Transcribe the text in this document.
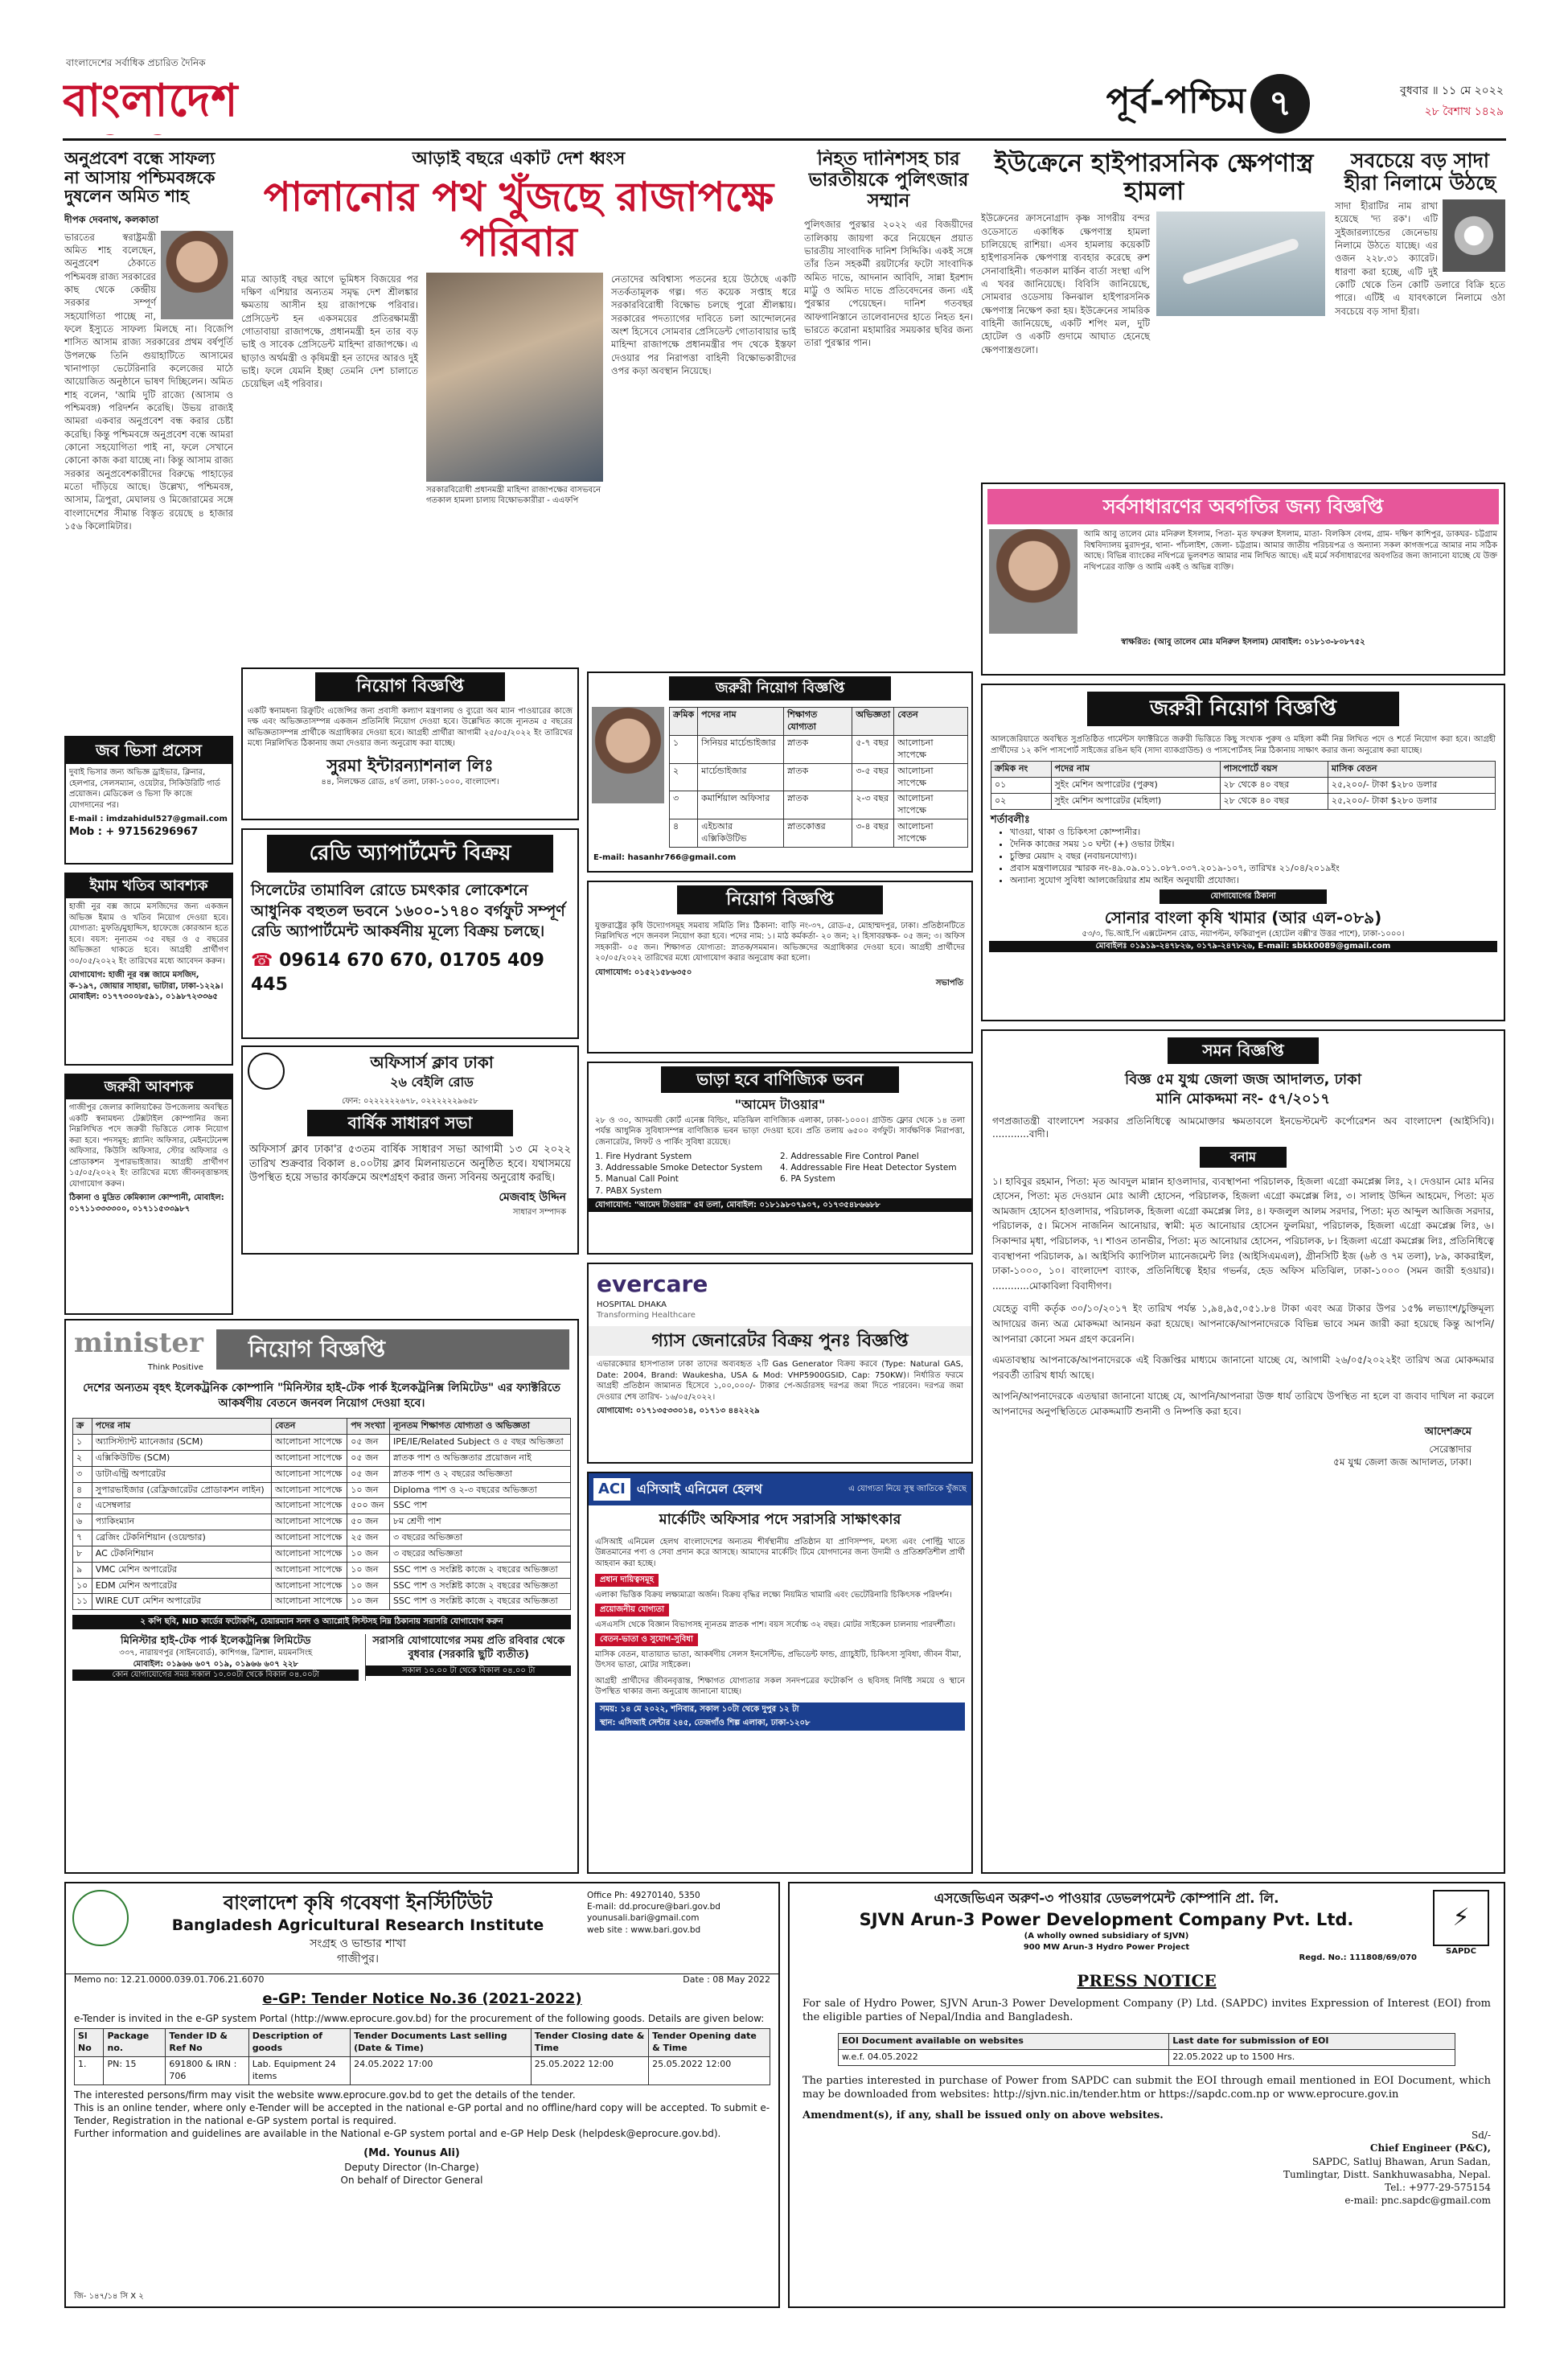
বাংলাদেশের সর্বাধিক প্রচারিত দৈনিক
বাংলাদেশ	পূর্ব-পশ্চিম ৭	বুধবার ॥ ১১ মে ২০২২
২৮ বৈশাখ ১৪২৯
অনুপ্রবেশ বন্ধে সাফল্য না আসায় পশ্চিমবঙ্গকে দুষলেন অমিত শাহ
দীপক দেবনাথ, কলকাতা
ভারতের স্বরাষ্ট্রমন্ত্রী অমিত শাহ বলেছেন, অনুপ্রবেশ ঠেকাতে পশ্চিমবঙ্গ রাজ্য সরকারের কাছ থেকে কেন্দ্রীয় সরকার সম্পূর্ণ সহযোগিতা পাচ্ছে না, ফলে ইস্যুতে সাফল্য মিলছে না। বিজেপি শাসিত আসাম রাজ্য সরকারের প্রথম বর্ষপূর্তি উপলক্ষে তিনি গুয়াহাটিতে আসামের খানাপাড়া ভেটেরিনারি কলেজের মাঠে আয়োজিত অনুষ্ঠানে ভাষণ দিচ্ছিলেন। অমিত শাহ বলেন, 'আমি দুটি রাজ্যে (আসাম ও পশ্চিমবঙ্গ) পরিদর্শন করেছি। উভয় রাজ্যই আমরা একবার অনুপ্রবেশ বন্ধ করার চেষ্টা করেছি। কিন্তু পশ্চিমবঙ্গে অনুপ্রবেশ বন্ধে আমরা কোনো সহযোগিতা পাই না, ফলে সেখানে কোনো কাজ করা যাচ্ছে না। কিন্তু আসাম রাজ্য সরকার অনুপ্রবেশকারীদের বিরুদ্ধে পাহাড়ের মতো দাঁড়িয়ে আছে। উল্লেখ্য, পশ্চিমবঙ্গ, আসাম, ত্রিপুরা, মেঘালয় ও মিজোরামের সঙ্গে বাংলাদেশের সীমান্ত বিস্তৃত রয়েছে ৪ হাজার ১৫৬ কিলোমিটার।
আড়াই বছরে একটি দেশ ধ্বংস
পালানোর পথ খুঁজছে রাজাপক্ষে পরিবার
মাত্র আড়াই বছর আগে ভূমিধস বিজয়ের পর দক্ষিণ এশিয়ার অন্যতম সমৃদ্ধ দেশ শ্রীলঙ্কার ক্ষমতায় আসীন হয় রাজাপক্ষে পরিবার। প্রেসিডেন্ট হন একসময়ের প্রতিরক্ষামন্ত্রী গোতাবায়া রাজাপক্ষে, প্রধানমন্ত্রী হন তার বড় ভাই ও সাবেক প্রেসিডেন্ট মাহিন্দা রাজাপক্ষে। এ ছাড়াও অর্থমন্ত্রী ও কৃষিমন্ত্রী হন তাদের আরও দুই ভাই। ফলে যেমনি ইচ্ছা তেমনি দেশ চালাতে চেয়েছিল এই পরিবার।
সরকারবিরোধী প্রধানমন্ত্রী মাহিন্দা রাজাপক্ষের বাসভবনে গতকাল হামলা চালায় বিক্ষোভকারীরা - এএফপি
নেতাদের অবিশ্বাস্য পতনের হয়ে উঠেছে একটি সতর্কতামূলক গল্প। গত কয়েক সপ্তাহ ধরে সরকারবিরোধী বিক্ষোভ চলছে পুরো শ্রীলঙ্কায়। সরকারের পদত্যাগের দাবিতে চলা আন্দোলনের অংশ হিসেবে সোমবার প্রেসিডেন্ট গোতাবায়ার ভাই মাহিন্দা রাজাপক্ষে প্রধানমন্ত্রীর পদ থেকে ইস্তফা দেওয়ার পর নিরাপত্তা বাহিনী বিক্ষোভকারীদের ওপর কড়া অবস্থান নিয়েছে।
নিহত দানিশসহ চার ভারতীয়কে পুলিৎজার সম্মান
পুলিৎজার পুরস্কার ২০২২ এর বিজয়ীদের তালিকায় জায়গা করে নিয়েছেন প্রয়াত ভারতীয় সাংবাদিক দানিশ সিদ্দিকি। একই সঙ্গে তাঁর তিন সহকর্মী রয়টার্সের ফটো সাংবাদিক অমিত দাভে, আদনান আবিদি, সান্না ইরশাদ মাট্টু ও অমিত দাভে প্রতিবেদনের জন্য এই পুরস্কার পেয়েছেন। দানিশ গতবছর আফগানিস্তানে তালেবানদের হাতে নিহত হন। ভারতে করোনা মহামারির সময়কার ছবির জন্য তারা পুরস্কার পান।
ইউক্রেনে হাইপারসনিক ক্ষেপণাস্ত্র হামলা
ইউক্রেনের ক্রাসনোগ্রাদ কৃষ্ণ সাগরীয় বন্দর ওডেসাতে একাধিক ক্ষেপণাস্ত্র হামলা চালিয়েছে রাশিয়া। এসব হামলায় কয়েকটি হাইপারসনিক ক্ষেপণাস্ত্র ব্যবহার করেছে রুশ সেনাবাহিনী। গতকাল মার্কিন বার্তা সংস্থা এপি এ খবর জানিয়েছে। বিবিসি জানিয়েছে, সোমবার ওডেসায় কিনঝাল হাইপারসনিক ক্ষেপণাস্ত্র নিক্ষেপ করা হয়। ইউক্রেনের সামরিক বাহিনী জানিয়েছে, একটি শপিং মল, দুটি হোটেল ও একটি গুদামে আঘাত হেনেছে ক্ষেপণাস্ত্রগুলো।
সবচেয়ে বড় সাদা হীরা নিলামে উঠছে
সাদা হীরাটির নাম রাখা হয়েছে 'দ্য রক'। এটি সুইজারল্যান্ডের জেনেভায় নিলামে উঠতে যাচ্ছে। এর ওজন ২২৮.৩১ ক্যারেট। ধারণা করা হচ্ছে, এটি দুই কোটি থেকে তিন কোটি ডলারে বিক্রি হতে পারে। এটিই এ যাবৎকালে নিলামে ওঠা সবচেয়ে বড় সাদা হীরা।
সর্বসাধারণের অবগতির জন্য বিজ্ঞপ্তি
আমি আবু তালেব মোঃ মনিরুল ইসলাম, পিতা- মৃত ফখরুল ইসলাম, মাতা- বিলকিস বেগম, গ্রাম- দক্ষিণ কাশিপুর, ডাকঘর- চট্টগ্রাম বিশ্ববিদ্যালয় মুরাদপুর, থানা- পাঁচলাইশ, জেলা- চট্টগ্রাম। আমার জাতীয় পরিচয়পত্র ও অন্যান্য সকল কাগজপত্রে আমার নাম সঠিক আছে। বিভিন্ন ব্যাংকের নথিপত্রে ভুলবশত আমার নাম লিখিত আছে। এই মর্মে সর্বসাধারণের অবগতির জন্য জানানো যাচ্ছে যে উক্ত নথিপত্রের ব্যক্তি ও আমি একই ও অভিন্ন ব্যক্তি।
স্বাক্ষরিত: (আবু তালেব মোঃ মনিরুল ইসলাম) মোবাইল: ০১৮১৩-৮০৮৭৫২
জব ভিসা প্রসেস
দুবাই ভিসার জন্য অভিজ্ঞ ড্রাইভার, ক্লিনার, হেলপার, সেলসম্যান, ওয়েটার, সিকিউরিটি গার্ড প্রয়োজন। মেডিকেল ও ভিসা ফি কাজে যোগদানের পর।
E-mail : imdzahidul527@gmail.com
Mob : + 97156296967
ইমাম খতিব আবশ্যক
হাজী নুর বক্স জামে মসজিদের জন্য একজন অভিজ্ঞ ইমাম ও খতিব নিয়োগ দেওয়া হবে। যোগ্যতা: মুফতি/মুহাদ্দিস, হাফেজে কোরআন হতে হবে। বয়স: নূন্যতম ৩৫ বছর ও ৫ বছরের অভিজ্ঞতা থাকতে হবে। আগ্রহী প্রার্থীগণ ৩০/০৫/২০২২ ইং তারিখের মধ্যে আবেদন করুন।
যোগাযোগ: হাজী নূর বক্স জামে মসজিদ, ক-১৯৭, জোয়ার সাহারা, ভাটারা, ঢাকা-১২২৯। মোবাইল: ০১৭৭৩০০৮৫৯১, ০১৯৮৭২৩৩৬৫
জরুরী আবশ্যক
গাজীপুর জেলার কালিয়াকৈর উপজেলায় অবস্থিত একটি স্বনামধন্য টেক্সটাইল কোম্পানির জন্য নিম্নলিখিত পদে জরুরী ভিত্তিতে লোক নিয়োগ করা হবে। পদসমূহ: প্ল্যানিং অফিসার, মেইনটেনেন্স অফিসার, কিউসি অফিসার, স্টোর অফিসার ও প্রোডাকশন সুপারভাইজার। আগ্রহী প্রার্থীগণ ১৫/০৫/২০২২ ইং তারিখের মধ্যে জীবনবৃত্তান্তসহ যোগাযোগ করুন।
ঠিকানা ও মুদ্রিত কেমিক্যাল কোম্পানী, মোবাইল: ০১৭১১৩৩৩৩০০, ০১৭১১৫৩৩৯৮৭
নিয়োগ বিজ্ঞপ্তি
একটি স্বনামধন্য রিক্রুটিং এজেন্সির জন্য প্রবাসী কল্যাণ মন্ত্রণালয় ও ব্যুরো অব ম্যান পাওয়ারের কাজে দক্ষ এবং অভিজ্ঞতাসম্পন্ন একজন প্রতিনিধি নিয়োগ দেওয়া হবে। উল্লেখিত কাজে ন্যূনতম ৫ বছরের অভিজ্ঞতাসম্পন্ন প্রার্থীকে অগ্রাধিকার দেওয়া হবে। আগ্রহী প্রার্থীরা আগামী ২৫/০৫/২০২২ ইং তারিখের মধ্যে নিম্নলিখিত ঠিকানায় জমা দেওয়ার জন্য অনুরোধ করা যাচ্ছে।
সুরমা ইন্টারন্যাশনাল লিঃ
৪৪, নিলক্ষেত রোড, ৪র্থ তলা, ঢাকা-১০০০, বাংলাদেশ।
রেডি অ্যাপার্টমেন্ট বিক্রয়
সিলেটের তামাবিল রোডে চমৎকার লোকেশনে আধুনিক বহুতল ভবনে ১৬০০-১৭৪০ বর্গফুট সম্পূর্ণ রেডি অ্যাপার্টমেন্ট আকর্ষনীয় মূল্যে বিক্রয় চলছে।
☎ 09614 670 670, 01705 409 445
অফিসার্স ক্লাব ঢাকা
২৬ বেইলি রোড
ফোন: ০২২২২২২৬৭৮, ০২২২২২২৯৬৫৮
বার্ষিক সাধারণ সভা
অফিসার্স ক্লাব ঢাকা'র ৫৩তম বার্ষিক সাধারণ সভা আগামী ১৩ মে ২০২২ তারিখ শুক্রবার বিকাল ৪.০০টায় ক্লাব মিলনায়তনে অনুষ্ঠিত হবে। যথাসময়ে উপস্থিত হয়ে সভার কার্যক্রমে অংশগ্রহণ করার জন্য সবিনয় অনুরোধ করছি।
মেজবাহ উদ্দিন
সাধারণ সম্পাদক
জরুরী নিয়োগ বিজ্ঞপ্তি
ক্রমিক	পদের নাম	শিক্ষাগত যোগ্যতা	অভিজ্ঞতা	বেতন
১	সিনিয়র মার্চেন্ডাইজার	স্নাতক	৫-৭ বছর	আলোচনা সাপেক্ষে
২	মার্চেন্ডাইজার	স্নাতক	৩-৫ বছর	আলোচনা সাপেক্ষে
৩	কমার্শিয়াল অফিসার	স্নাতক	২-৩ বছর	আলোচনা সাপেক্ষে
৪	এইচআর এক্সিকিউটিভ	স্নাতকোত্তর	৩-৪ বছর	আলোচনা সাপেক্ষে
E-mail: hasanhr766@gmail.com
নিয়োগ বিজ্ঞপ্তি
যুক্তরাষ্ট্রের কৃষি উদ্যোগসমূহ সমবায় সমিতি লিঃ ঠিকানা: বাড়ি নং-৩৭, রোড-৫, মোহাম্মদপুর, ঢাকা। প্রতিষ্ঠানটিতে নিম্নলিখিত পদে জনবল নিয়োগ করা হবে। পদের নাম: ১। মাঠ কর্মকর্তা- ২০ জন; ২। হিসাবরক্ষক- ০৫ জন; ৩। অফিস সহকারী- ০৫ জন। শিক্ষাগত যোগ্যতা: স্নাতক/সমমান। অভিজ্ঞদের অগ্রাধিকার দেওয়া হবে। আগ্রহী প্রার্থীদের ২০/০৫/২০২২ তারিখের মধ্যে যোগাযোগ করার অনুরোধ করা হলো।
যোগাযোগ: ০১৫২১৫৮৬৩৫০
সভাপতি
ভাড়া হবে বাণিজ্যিক ভবন
"আমেদ টাওয়ার"
২৮ ও ৩০, আদমজী কোর্ট এনেক্স বিল্ডিং, মতিঝিল বাণিজ্যিক এলাকা, ঢাকা-১০০০। গ্রাউন্ড ফ্লোর থেকে ১৪ তলা পর্যন্ত আধুনিক সুবিধাসম্পন্ন বাণিজ্যিক ভবন ভাড়া দেওয়া হবে। প্রতি তলায় ৬৫০০ বর্গফুট। সার্বক্ষণিক নিরাপত্তা, জেনারেটর, লিফট ও পার্কিং সুবিধা রয়েছে।
1. Fire Hydrant System	2. Addressable Fire Control Panel
3. Addressable Smoke Detector System	4. Addressable Fire Heat Detector System
5. Manual Call Point	6. PA System
7. PABX System
যোগাযোগ: "আমেদ টাওয়ার" ৫ম তলা, মোবাইল: ০১৮১৯৮০৭৯০৭, ০১৭৩৫৪৮৬৬৮৮
evercare
HOSPITAL DHAKA
Transforming Healthcare
গ্যাস জেনারেটর বিক্রয় পুনঃ বিজ্ঞপ্তি
এভারকেয়ার হাসপাতাল ঢাকা তাদের অব্যবহৃত ২টি Gas Generator বিক্রয় করবে (Type: Natural GAS, Date: 2004, Brand: Waukesha, USA & Mod: VHP5900GSID, Cap: 750KW)। নির্ধারিত ফরমে আগ্রহী প্রতিষ্ঠান জামানত হিসেবে ১,০০,০০০/- টাকার পে-অর্ডারসহ দরপত্র জমা দিতে পারবেন। দরপত্র জমা দেওয়ার শেষ তারিখ- ১৬/০৫/২০২২।
যোগাযোগ: ০১৭১৩৫৩৩০১৪, ০১৭১৩ ৪৪২২২৯
জরুরী নিয়োগ বিজ্ঞপ্তি
আলজেরিয়াতে অবস্থিত সুপ্রতিষ্ঠিত গার্মেন্টস ফ্যাক্টরিতে জরুরী ভিত্তিতে কিছু সংখ্যক পুরুষ ও মহিলা কর্মী নিম্ন লিখিত পদে ও শর্তে নিয়োগ করা হবে। আগ্রহী প্রার্থীদের ১২ কপি পাসপোর্ট সাইজের রঙিন ছবি (সাদা ব্যাকগ্রাউন্ড) ও পাসপোর্টসহ নিম্ন ঠিকানায় সাক্ষাৎ করার জন্য অনুরোধ করা যাচ্ছে।
ক্রমিক নং	পদের নাম	পাসপোর্টে বয়স	মাসিক বেতন
০১	সুইং মেশিন অপারেটর (পুরুষ)	২৮ থেকে ৪০ বছর	২৫,২০০/- টাকা $২৮০ ডলার
০২	সুইং মেশিন অপারেটর (মহিলা)	২৮ থেকে ৪০ বছর	২৫,২০০/- টাকা $২৮০ ডলার
শর্তাবলীঃ
• খাওয়া, থাকা ও চিকিৎসা কোম্পানীর।
• দৈনিক কাজের সময় ১০ ঘন্টা (+) ওভার টাইম।
• চুক্তির মেয়াদ ২ বছর (নবায়নযোগ্য)।
• প্রবাস মন্ত্রণালয়ের স্মারক নং-৪৯.০৯.০১১.০৮৭.০৩৭.২০১৯-১০৭, তারিখঃ ২১/০৪/২০১৯ইং
• অন্যান্য সুযোগ সুবিধা আলজেরিয়ার শ্রম আইন অনুযায়ী প্রযোজ্য।
যোগাযোগের ঠিকানা
সোনার বাংলা কৃষি খামার (আর এল-০৮৯)
৫৩/৩, ভি.আই.পি এক্সটেনশন রোড, নয়াপল্টন, ফকিরাপুল (হোটেল বক্সী'র উত্তর পাশে), ঢাকা-১০০০।
মোবাইলঃ ০১৯১৯-২৪৭৮২৬, ০১৭৯-২৪৭৮২৬, E-mail: sbkk0089@gmail.com
সমন বিজ্ঞপ্তি
বিজ্ঞ ৫ম যুগ্ম জেলা জজ আদালত, ঢাকা
মানি মোকদ্দমা নং- ৫৭/২০১৭
গণপ্রজাতন্ত্রী বাংলাদেশ সরকার প্রতিনিধিত্বে আমমোক্তার ক্ষমতাবলে ইনভেস্টমেন্ট কর্পোরেশন অব বাংলাদেশ (আইসিবি)। ............বাদী।
বনাম
১। হাবিবুর রহমান, পিতা: মৃত আবদুল মান্নান হাওলাদার, ব্যবস্থাপনা পরিচালক, হিজলা এগ্রো কমপ্লেক্স লিঃ, ২। দেওয়ান মোঃ মনির হোসেন, পিতা: মৃত দেওয়ান মোঃ আলী হোসেন, পরিচালক, হিজলা এগ্রো কমপ্লেক্স লিঃ, ৩। সালাহ উদ্দিন আহমেদ, পিতা: মৃত আমজাদ হোসেন হাওলাদার, পরিচালক, হিজলা এগ্রো কমপ্লেক্স লিঃ, ৪। ফজলুল আলম সরদার, পিতা: মৃত আব্দুল আজিজ সরদার, পরিচালক, ৫। মিসেস নাজনিন আনোয়ার, স্বামী: মৃত আনোয়ার হোসেন ফুলমিয়া, পরিচালক, হিজলা এগ্রো কমপ্লেক্স লিঃ, ৬। সিকান্দার মৃধা, পরিচালক, ৭। শাওন তানভীর, পিতা: মৃত আনোয়ার হোসেন, পরিচালক, ৮। হিজলা এগ্রো কমপ্লেক্স লিঃ, প্রতিনিধিত্বে ব্যবস্থাপনা পরিচালক, ৯। আইসিবি ক্যাপিটাল ম্যানেজমেন্ট লিঃ (আইসিএমএল), গ্রীনসিটি ইজ (৬ষ্ঠ ও ৭ম তলা), ৮৯, কাকরাইল, ঢাকা-১০০০, ১০। বাংলাদেশ ব্যাংক, প্রতিনিধিত্বে ইহার গভর্নর, হেড অফিস মতিঝিল, ঢাকা-১০০০ (সমন জারী হওয়ার)। ............মোকাবিলা বিবাদীগণ।
যেহেতু বাদী কর্তৃক ৩০/১০/২০১৭ ইং তারিখ পর্যন্ত ১,৯৪,৯৫,০৫১.৮৪ টাকা এবং অত্র টাকার উপর ১৫% লভ্যাংশ/চুক্তিমূল্য আদায়ের জন্য অত্র মোকদ্দমা আনয়ন করা হয়েছে। আপনাকে/আপনাদেরকে বিভিন্ন ভাবে সমন জারী করা হয়েছে কিন্তু আপনি/আপনারা কোনো সমন গ্রহণ করেননি।
এমতাবস্থায় আপনাকে/আপনাদেরকে এই বিজ্ঞপ্তির মাধ্যমে জানানো যাচ্ছে যে, আগামী ২৬/০৫/২০২২ইং তারিখ অত্র মোকদ্দমার পরবর্তী তারিখ ধার্য্য আছে।
আপনি/আপনাদেরকে এতদ্বারা জানানো যাচ্ছে যে, আপনি/আপনারা উক্ত ধার্য তারিখে উপস্থিত না হলে বা জবাব দাখিল না করলে আপনাদের অনুপস্থিতিতে মোকদ্দমাটি শুনানী ও নিষ্পত্তি করা হবে।
আদেশক্রমে
সেরেস্তাদার
৫ম যুগ্ম জেলা জজ আদালত, ঢাকা।
minister
Think Positive
নিয়োগ বিজ্ঞপ্তি
দেশের অন্যতম বৃহৎ ইলেকট্রনিক কোম্পানি "মিনিস্টার হাই-টেক পার্ক ইলেকট্রনিক্স লিমিটেড" এর ফ্যাক্টরিতে আকর্ষণীয় বেতনে জনবল নিয়োগ দেওয়া হবে।
ক্র	পদের নাম	বেতন	পদ সংখ্যা	ন্যূনতম শিক্ষাগত যোগ্যতা ও অভিজ্ঞতা
১	অ্যাসিস্ট্যান্ট ম্যানেজার (SCM)	আলোচনা সাপেক্ষে	০৫ জন	IPE/IE/Related Subject ও ৫ বছর অভিজ্ঞতা
২	এক্সিকিউটিভ (SCM)	আলোচনা সাপেক্ষে	০৫ জন	স্নাতক পাশ ও অভিজ্ঞতার প্রয়োজন নাই
৩	ডাটাএন্ট্রি অপারেটর	আলোচনা সাপেক্ষে	০৫ জন	স্নাতক পাশ ও ২ বছরের অভিজ্ঞতা
৪	সুপারভাইজার (রেফ্রিজারেটর প্রোডাকশন লাইন)	আলোচনা সাপেক্ষে	১০ জন	Diploma পাশ ও ২-৩ বছরের অভিজ্ঞতা
৫	এসেম্বলার	আলোচনা সাপেক্ষে	৫০০ জন	SSC পাশ
৬	প্যাকিংম্যান	আলোচনা সাপেক্ষে	৫০ জন	৮ম শ্রেণী পাশ
৭	ব্রেজিং টেকনিশিয়ান (ওয়েল্ডার)	আলোচনা সাপেক্ষে	২৫ জন	৩ বছরের অভিজ্ঞতা
৮	AC টেকনিশিয়ান	আলোচনা সাপেক্ষে	১০ জন	৩ বছরের অভিজ্ঞতা
৯	VMC মেশিন অপারেটর	আলোচনা সাপেক্ষে	১০ জন	SSC পাশ ও সংশ্লিষ্ট কাজে ২ বছরের অভিজ্ঞতা
১০	EDM মেশিন অপারেটর	আলোচনা সাপেক্ষে	১০ জন	SSC পাশ ও সংশ্লিষ্ট কাজে ২ বছরের অভিজ্ঞতা
১১	WIRE CUT মেশিন অপারেটর	আলোচনা সাপেক্ষে	১০ জন	SSC পাশ ও সংশ্লিষ্ট কাজে ২ বছরের অভিজ্ঞতা
২ কপি ছবি, NID কার্ডের ফটোকপি, চেয়ারম্যান সনদ ও অ্যাপ্লোই লিস্টসহ নিম্ন ঠিকানায় সরাসরি যোগাযোগ করুন
মিনিস্টার হাই-টেক পার্ক ইলেকট্রনিক্স লিমিটেড
৩৩৭, নারায়ণপুর (সাইনবোর্ড), কাশিগঞ্জ, ত্রিশাল, ময়মনসিংহ
মোবাইল: ০১৯৬৬ ৬০৭ ০১৯, ০১৯৬৬ ৬০৭ ২২৮
কোন যোগাযোগের সময় সকাল ১০.০০টা থেকে বিকাল ০৪.০০টা
সরাসরি যোগাযোগের সময় প্রতি রবিবার থেকে বুধবার (সরকারি ছুটি ব্যতীত)
সকাল ১০.০০ টা থেকে বিকাল ০৪.০০ টা
ACI এসিআই এনিমেল হেলথ	এ যোগ্যতা নিয়ে সুস্থ জাতিকে খুঁজছে
মার্কেটিং অফিসার পদে সরাসরি সাক্ষাৎকার
এসিআই এনিমেল হেলথ বাংলাদেশের অন্যতম শীর্ষস্থানীয় প্রতিষ্ঠান যা প্রাণিসম্পদ, মৎস্য এবং পোল্ট্রি খাতে উন্নতমানের পণ্য ও সেবা প্রদান করে আসছে। আমাদের মার্কেটিং টিমে যোগদানের জন্য উদ্যমী ও প্রতিশ্রুতিশীল প্রার্থী আহবান করা হচ্ছে।
প্রধান দায়িত্বসমূহ
এলাকা ভিত্তিক বিক্রয় লক্ষ্যমাত্রা অর্জন। বিক্রয় বৃদ্ধির লক্ষ্যে নিয়মিত খামারি এবং ভেটেরিনারি চিকিৎসক পরিদর্শন।
প্রয়োজনীয় যোগ্যতা
এসএসসি থেকে বিজ্ঞান বিভাগসহ ন্যূনতম স্নাতক পাশ। বয়স সর্বোচ্চ ৩২ বছর। মোটর সাইকেল চালনায় পারদর্শীতা।
বেতন-ভাতা ও সুযোগ-সুবিধা
মাসিক বেতন, যাতায়াত ভাতা, আকর্ষণীয় সেলস ইনসেন্টিভ, প্রভিডেন্ট ফান্ড, গ্র্যাচুইটি, চিকিৎসা সুবিধা, জীবন বীমা, উৎসব ভাতা, মোটর সাইকেল।
আগ্রহী প্রার্থীদের জীবনবৃত্তান্ত, শিক্ষাগত যোগ্যতার সকল সনদপত্রের ফটোকপি ও ছবিসহ নির্দিষ্ট সময়ে ও স্থানে উপস্থিত থাকার জন্য অনুরোধ জানানো যাচ্ছে।
সময়: ১৪ মে ২০২২, শনিবার, সকাল ১০টা থেকে দুপুর ১২ টা
স্থান: এসিআই সেন্টার ২৪৫, তেজগাঁও শিল্প এলাকা, ঢাকা-১২০৮
বাংলাদেশ কৃষি গবেষণা ইনস্টিটিউট
Bangladesh Agricultural Research Institute
সংগ্রহ ও ভান্ডার শাখা
গাজীপুর।
Office Ph: 49270140, 5350
E-mail: dd.procure@bari.gov.bd
younusali.bari@gmail.com
web site : www.bari.gov.bd
Memo no: 12.21.0000.039.01.706.21.6070	Date : 08 May 2022
e-GP: Tender Notice No.36 (2021-2022)
e-Tender is invited in the e-GP system Portal (http://www.eprocure.gov.bd) for the procurement of the following goods. Details are given below:
Sl No	Package no.	Tender ID & Ref No	Description of goods	Tender Documents Last selling (Date & Time)	Tender Closing date & Time	Tender Opening date & Time
1.	PN: 15	691800 & IRN : 706	Lab. Equipment 24 items	24.05.2022 17:00	25.05.2022 12:00	25.05.2022 12:00
The interested persons/firm may visit the website www.eprocure.gov.bd to get the details of the tender.
This is an online tender, where only e-Tender will be accepted in the national e-GP portal and no offline/hard copy will be accepted. To submit e-Tender, Registration in the national e-GP system portal is required.
Further information and guidelines are available in the National e-GP system portal and e-GP Help Desk (helpdesk@eprocure.gov.bd).
(Md. Younus Ali)
Deputy Director (In-Charge)
On behalf of Director General
জি- ১৪৭/১৪ সি X ২
এসজেভিএন অরুণ-৩ পাওয়ার ডেভলপমেন্ট কোম্পানি প্রা. লি.
SJVN Arun-3 Power Development Company Pvt. Ltd.
(A wholly owned subsidiary of SJVN)
900 MW Arun-3 Hydro Power Project
Regd. No.: 111808/69/070
⚡
SAPDC
PRESS NOTICE
For sale of Hydro Power, SJVN Arun-3 Power Development Company (P) Ltd. (SAPDC) invites Expression of Interest (EOI) from the eligible parties of Nepal/India and Bangladesh.
EOI Document available on websites	Last date for submission of EOI
w.e.f. 04.05.2022	22.05.2022 up to 1500 Hrs.
The parties interested in purchase of Power from SAPDC can submit the EOI through email mentioned in EOI Document, which may be downloaded from websites: http://sjvn.nic.in/tender.htm or https://sapdc.com.np or www.eprocure.gov.in
Amendment(s), if any, shall be issued only on above websites.
Sd/-
Chief Engineer (P&C),
SAPDC, Satluj Bhawan, Arun Sadan,
Tumlingtar, Distt. Sankhuwasabha, Nepal.
Tel.: +977-29-575154
e-mail: pnc.sapdc@gmail.com
